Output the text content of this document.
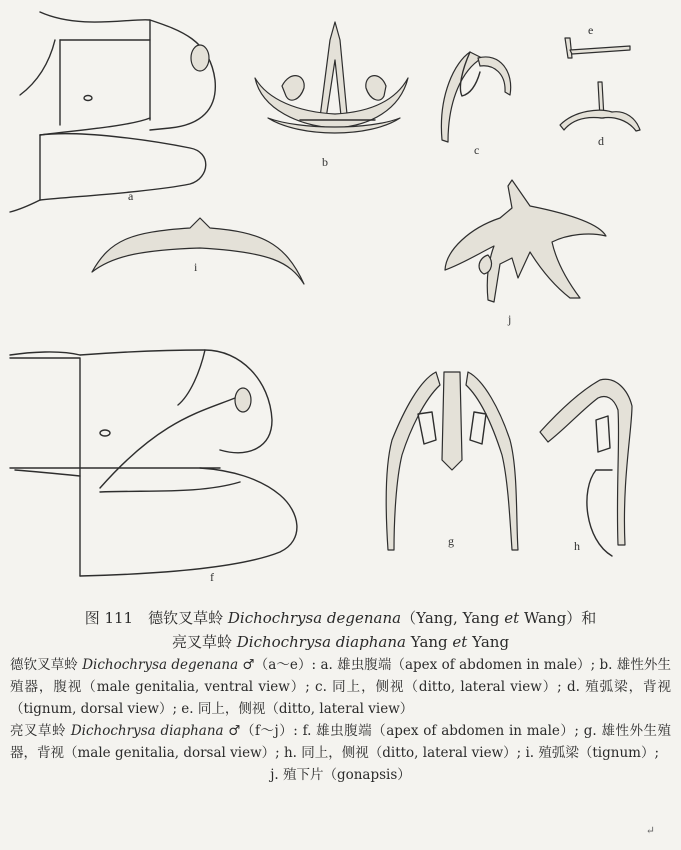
a
b
c
d
e
f
g	h
i
j

图 111　德钦叉草蛉 Dichochrysa degenana（Yang, Yang et Wang）和

亮叉草蛉 Dichochrysa diaphana Yang et Yang

德钦叉草蛉 Dichochrysa degenana ♂（a～e）: a. 雄虫腹端（apex of abdomen in male）; b. 雄性外生殖器，腹视（male genitalia, ventral view）; c. 同上，侧视（ditto, lateral view）; d. 殖弧梁，背视（tignum, dorsal view）; e. 同上，侧视（ditto, lateral view）

亮叉草蛉 Dichochrysa diaphana ♂（f～j）: f. 雄虫腹端（apex of abdomen in male）; g. 雄性外生殖器，背视（male genitalia, dorsal view）; h. 同上，侧视（ditto, lateral view）; i. 殖弧梁（tignum）;

j. 殖下片（gonapsis）

↵
